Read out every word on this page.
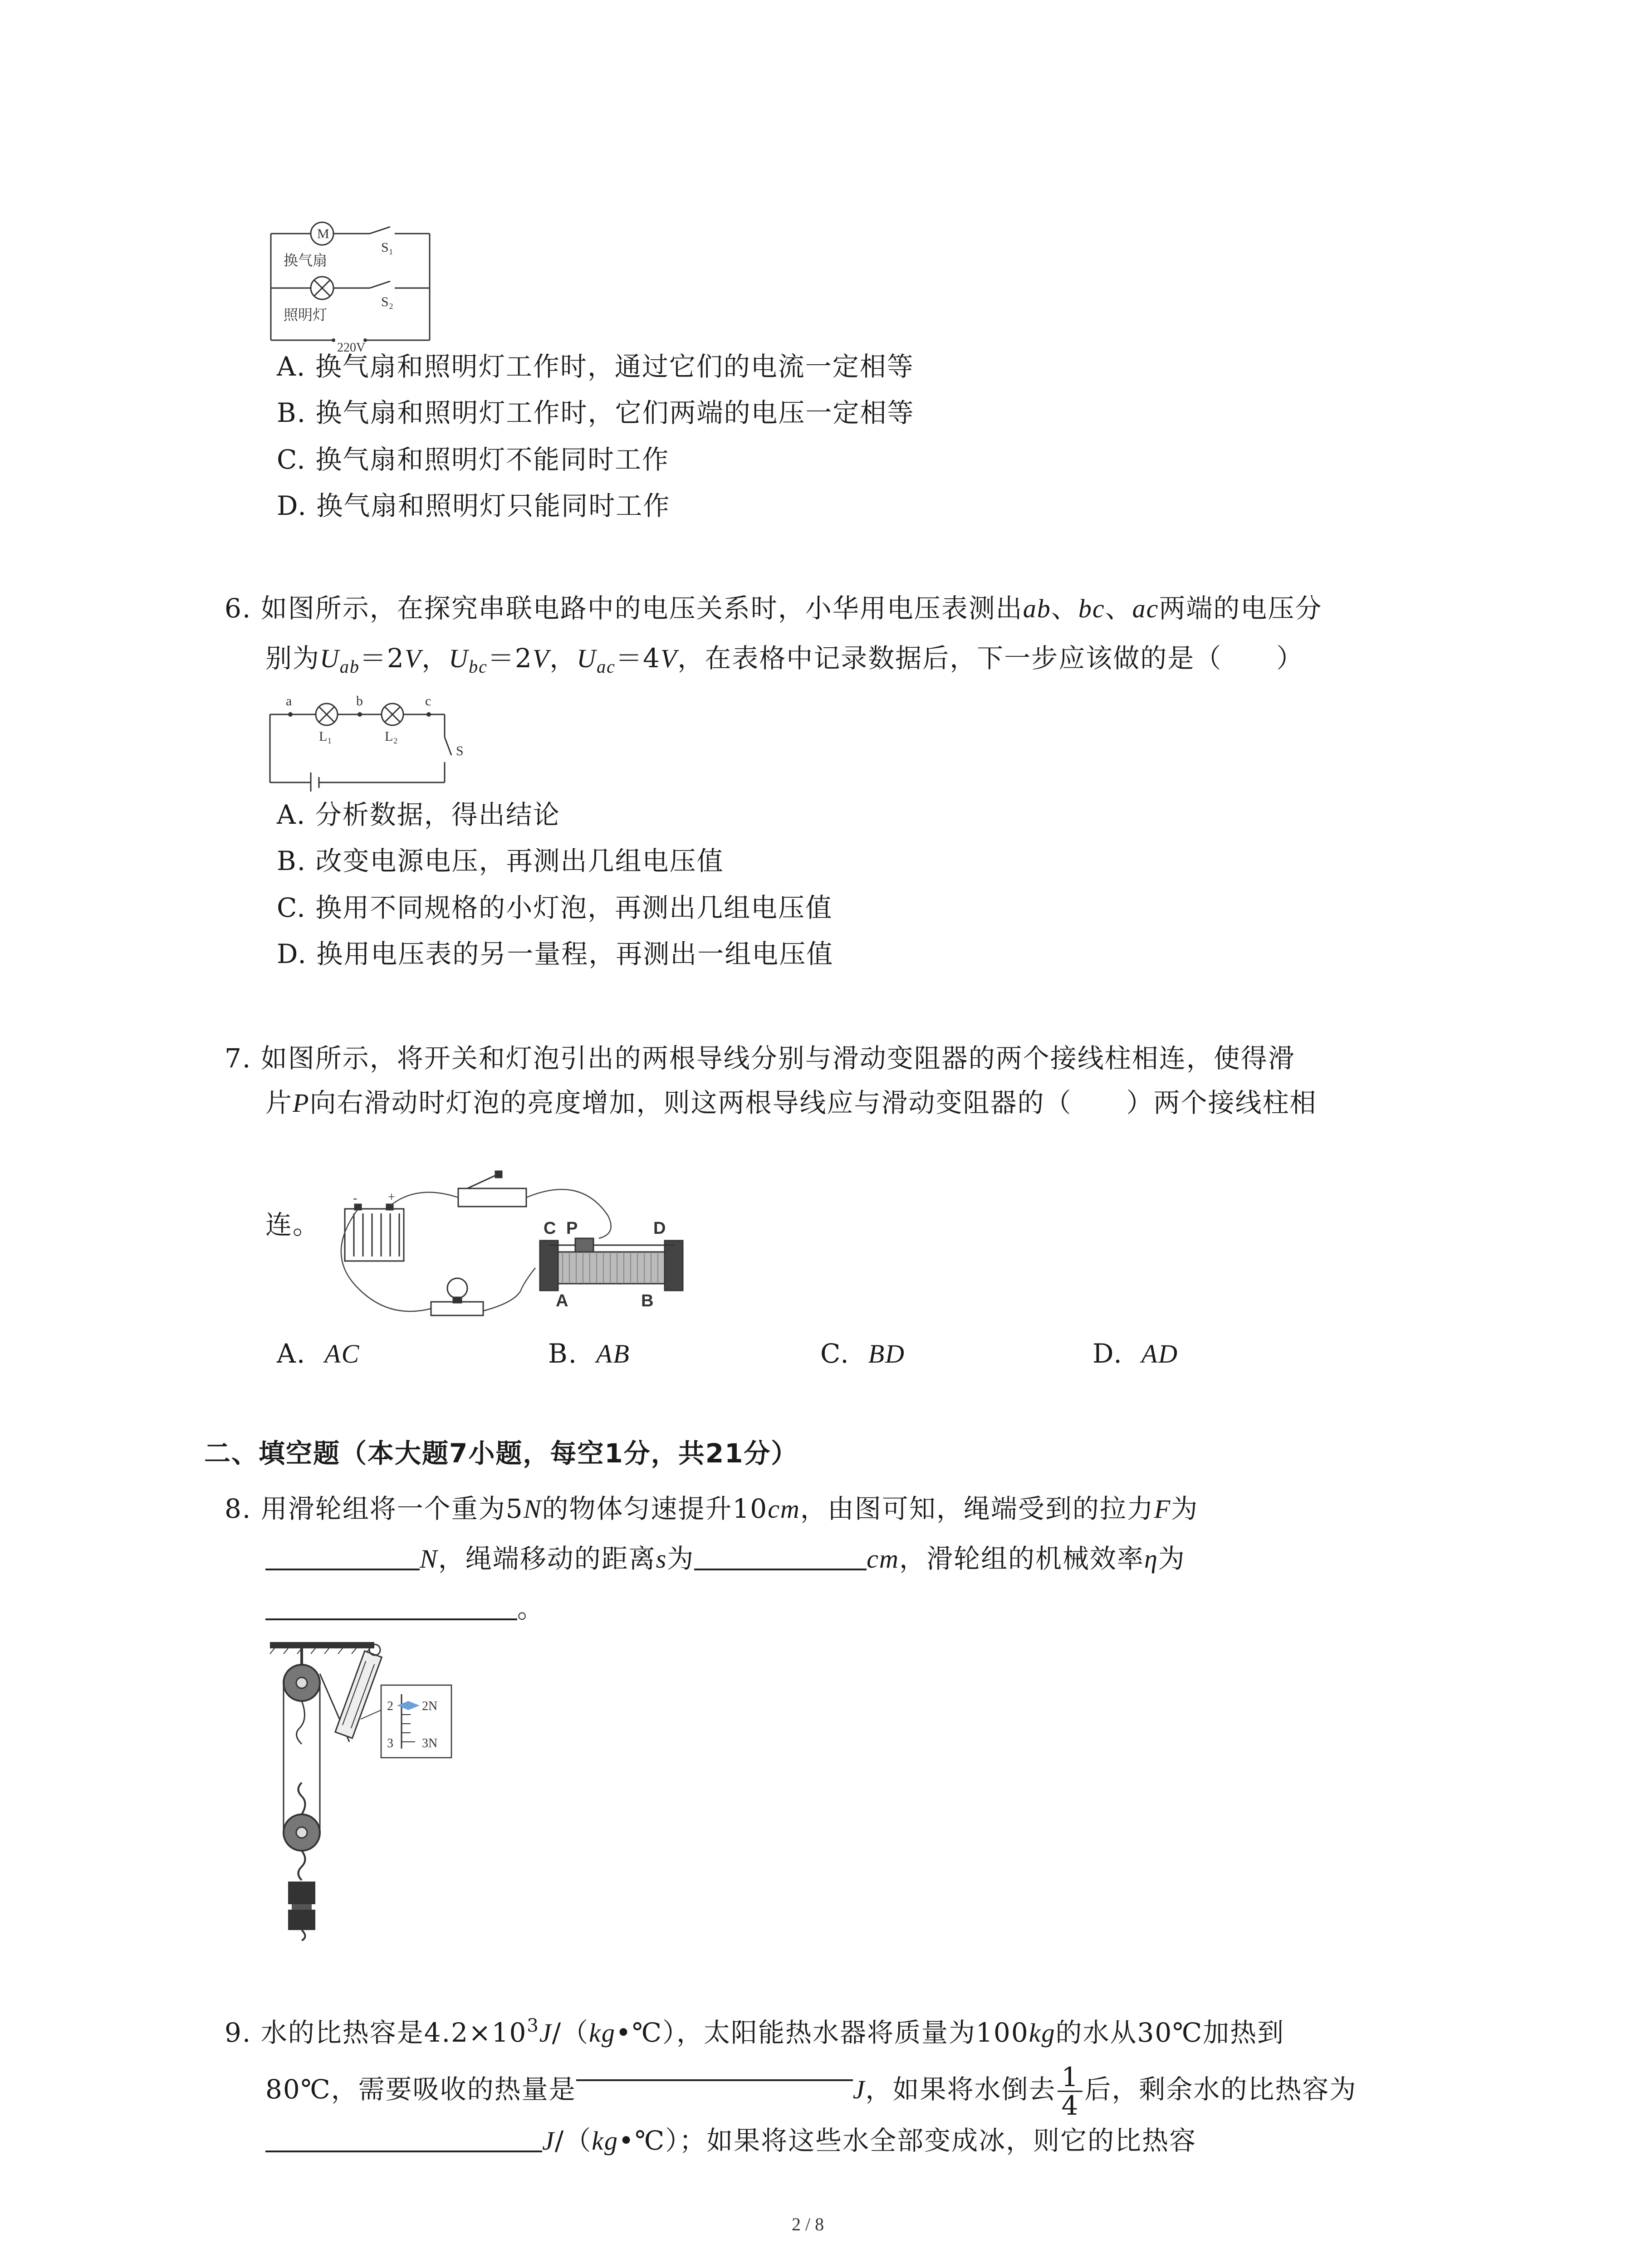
M
换气扇
照明灯
S₁
S₂
220V
A. 换气扇和照明灯工作时，通过它们的电流一定相等
B. 换气扇和照明灯工作时，它们两端的电压一定相等
C. 换气扇和照明灯不能同时工作
D. 换气扇和照明灯只能同时工作
6. 如图所示，在探究串联电路中的电压关系时，小华用电压表测出ab、bc、ac两端的电压分
别为$U_{ab}=2V$，$U_{bc}=2V$，$U_{ac}=4V$，在表格中记录数据后，下一步应该做的是（　　）
a	b	c
L₁	L₂
S
A. 分析数据，得出结论
B. 改变电源电压，再测出几组电压值
C. 换用不同规格的小灯泡，再测出几组电压值
D. 换用电压表的另一量程，再测出一组电压值
7. 如图所示，将开关和灯泡引出的两根导线分别与滑动变阻器的两个接线柱相连，使得滑
片P向右滑动时灯泡的亮度增加，则这两根导线应与滑动变阻器的（　　）两个接线柱相
连。
- +
C P	D
A	B
A. AC	B. AB	C. BD	D. AD
二、填空题（本大题7小题，每空1分，共21分）
8. 用滑轮组将一个重为5N的物体匀速提升10cm，由图可知，绳端受到的拉力F为
N，绳端移动的距离s为	cm，滑轮组的机械效率η为
。
2
3
2N
3N
9. 水的比热容是$4.2\times 10^3J/(kg•℃)$，太阳能热水器将质量为100kg的水从30℃加热到
80℃，需要吸收的热量是	J，如果将水倒去 $\frac{1}{4}$ 后，剩余水的比热容为
J/（kg•℃）；如果将这些水全部变成冰，则它的比热容
2 / 8
